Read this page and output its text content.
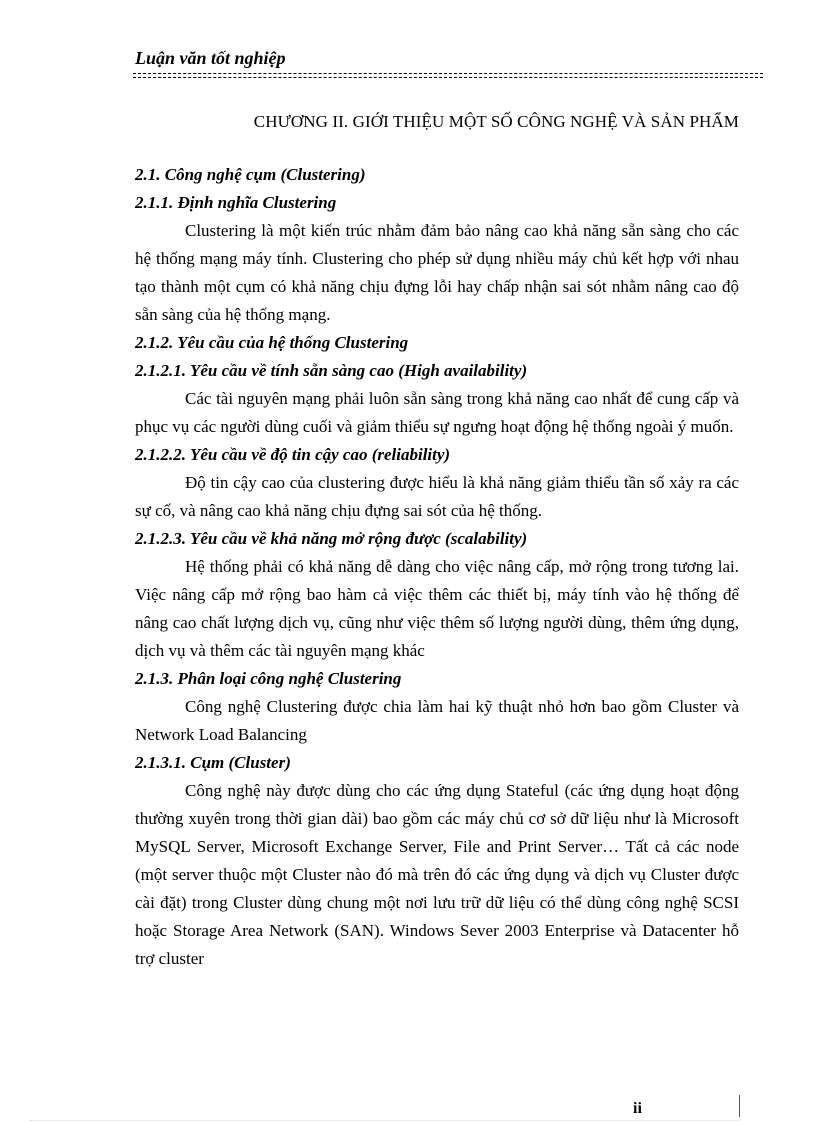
Luận văn tốt nghiệp

CHƯƠNG II. GIỚI THIỆU MỘT SỐ CÔNG NGHỆ VÀ SẢN PHẨM

2.1. Công nghệ cụm (Clustering)

2.1.1. Định nghĩa Clustering

Clustering là một kiến trúc nhằm đảm bảo nâng cao khả năng sẵn sàng cho các hệ thống mạng máy tính. Clustering cho phép sử dụng nhiều máy chủ kết hợp với nhau tạo thành một cụm có khả năng chịu đựng lỗi hay chấp nhận sai sót nhằm nâng cao độ sẵn sàng của hệ thống mạng.

2.1.2. Yêu cầu của hệ thống Clustering

2.1.2.1. Yêu cầu về tính sẵn sàng cao (High availability)

Các tài nguyên mạng phải luôn sẵn sàng trong khả năng cao nhất để cung cấp và phục vụ các người dùng cuối và giảm thiểu sự ngưng hoạt động hệ thống ngoài ý muốn.

2.1.2.2. Yêu cầu về độ tin cậy cao (reliability)

Độ tin cậy cao của clustering được hiểu là khả năng giảm thiểu tần số xảy ra các sự cố, và nâng cao khả năng chịu đựng sai sót của hệ thống.

2.1.2.3. Yêu cầu về khả năng mở rộng được (scalability)

Hệ thống phải có khả năng dễ dàng cho việc nâng cấp, mở rộng trong tương lai. Việc nâng cấp mở rộng bao hàm cả việc thêm các thiết bị, máy tính vào hệ thống để nâng cao chất lượng dịch vụ, cũng như việc thêm số lượng người dùng, thêm ứng dụng, dịch vụ và thêm các tài nguyên mạng khác

2.1.3. Phân loại công nghệ Clustering

Công nghệ Clustering được chia làm hai kỹ thuật nhỏ hơn bao gồm Cluster và Network Load Balancing

2.1.3.1. Cụm (Cluster)

Công nghệ này được dùng cho các ứng dụng Stateful (các ứng dụng hoạt động thường xuyên trong thời gian dài) bao gồm các máy chủ cơ sở dữ liệu như là Microsoft MySQL Server, Microsoft Exchange Server, File and Print Server… Tất cả các node (một server thuộc một Cluster nào đó mà trên đó các ứng dụng và dịch vụ Cluster được cài đặt) trong Cluster dùng chung một nơi lưu trữ dữ liệu có thể dùng công nghệ SCSI hoặc Storage Area Network (SAN). Windows Sever 2003 Enterprise và Datacenter hỗ trợ cluster

ii
